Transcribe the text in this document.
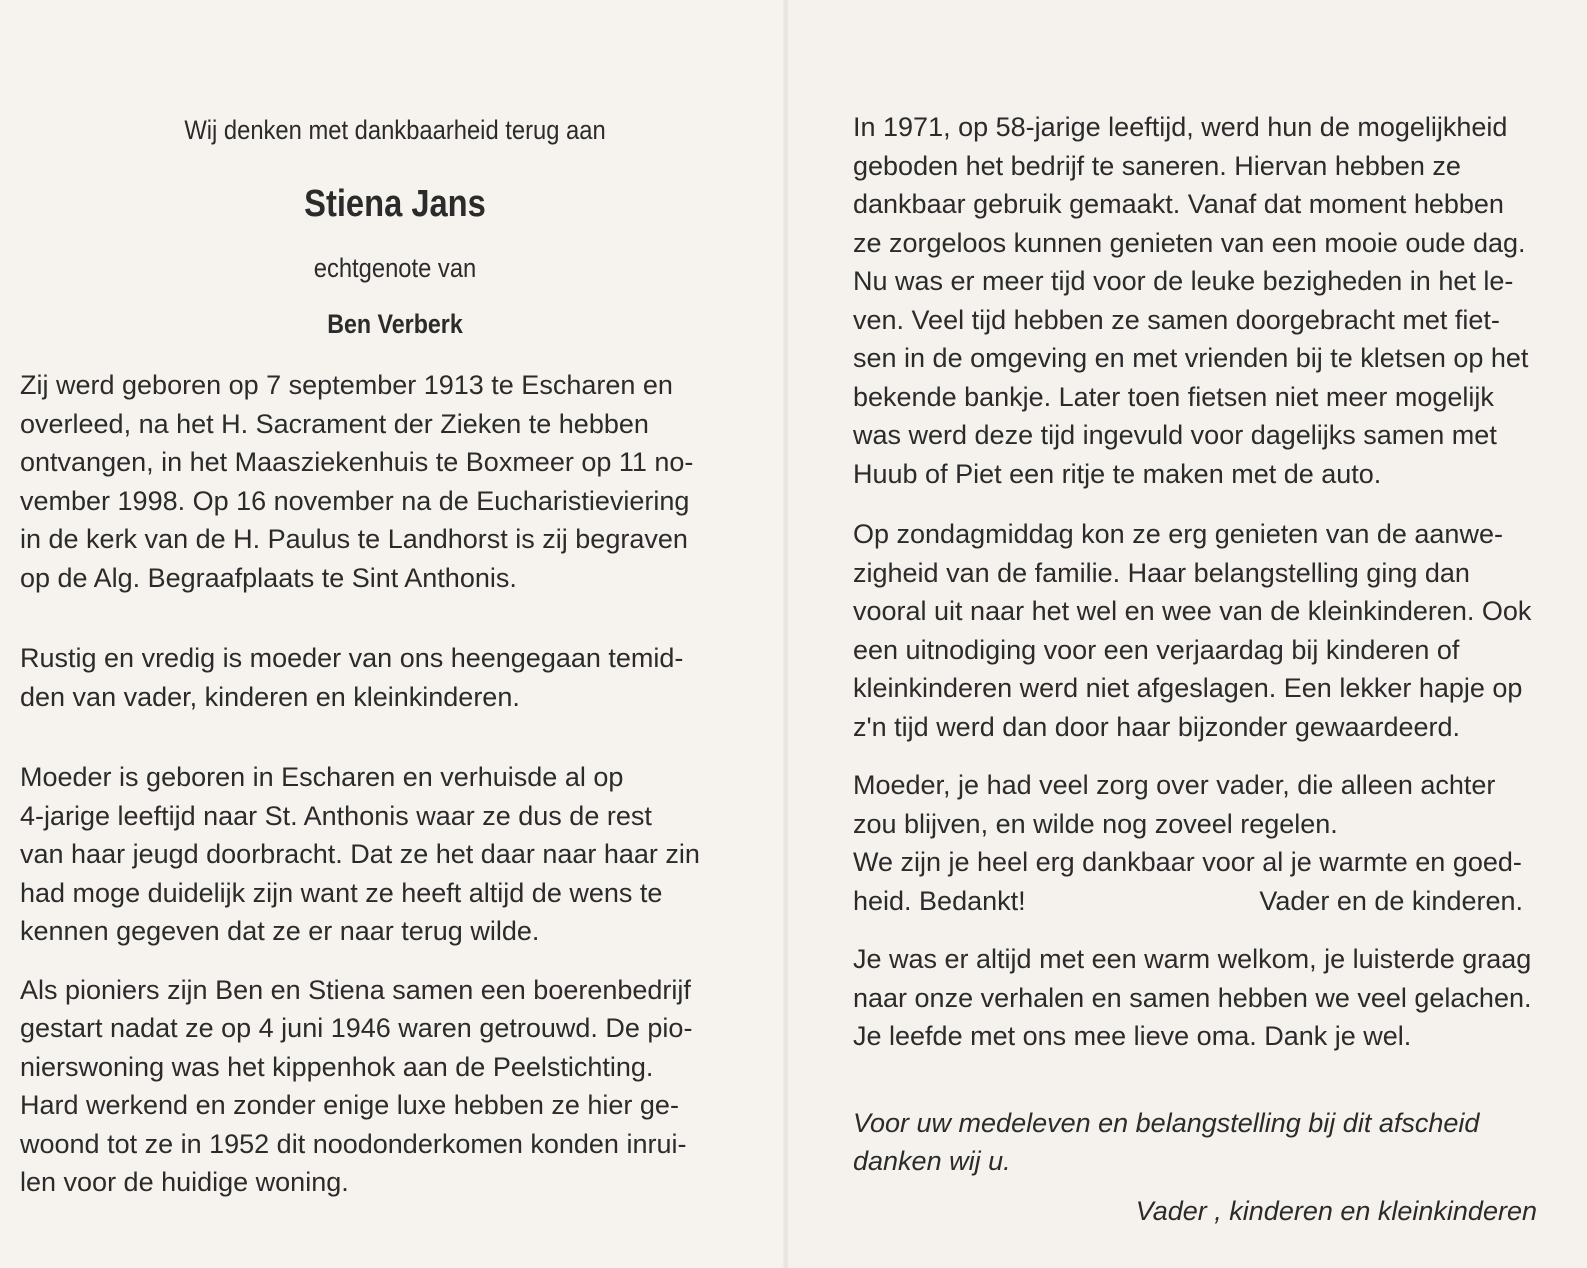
Wij denken met dankbaarheid terug aan
Stiena Jans
echtgenote van
Ben Verberk
Zij werd geboren op 7 september 1913 te Escharen en
overleed, na het H. Sacrament der Zieken te hebben
ontvangen, in het Maasziekenhuis te Boxmeer op 11 no-
vember 1998. Op 16 november na de Eucharistieviering
in de kerk van de H. Paulus te Landhorst is zij begraven
op de Alg. Begraafplaats te Sint Anthonis.
Rustig en vredig is moeder van ons heengegaan temid-
den van vader, kinderen en kleinkinderen.
Moeder is geboren in Escharen en verhuisde al op
4-jarige leeftijd naar St. Anthonis waar ze dus de rest
van haar jeugd doorbracht. Dat ze het daar naar haar zin
had moge duidelijk zijn want ze heeft altijd de wens te
kennen gegeven dat ze er naar terug wilde.
Als pioniers zijn Ben en Stiena samen een boerenbedrijf
gestart nadat ze op 4 juni 1946 waren getrouwd. De pio-
nierswoning was het kippenhok aan de Peelstichting.
Hard werkend en zonder enige luxe hebben ze hier ge-
woond tot ze in 1952 dit noodonderkomen konden inrui-
len voor de huidige woning.
In 1971, op 58-jarige leeftijd, werd hun de mogelijkheid
geboden het bedrijf te saneren. Hiervan hebben ze
dankbaar gebruik gemaakt. Vanaf dat moment hebben
ze zorgeloos kunnen genieten van een mooie oude dag.
Nu was er meer tijd voor de leuke bezigheden in het le-
ven. Veel tijd hebben ze samen doorgebracht met fiet-
sen in de omgeving en met vrienden bij te kletsen op het
bekende bankje. Later toen fietsen niet meer mogelijk
was werd deze tijd ingevuld voor dagelijks samen met
Huub of Piet een ritje te maken met de auto.
Op zondagmiddag kon ze erg genieten van de aanwe-
zigheid van de familie. Haar belangstelling ging dan
vooral uit naar het wel en wee van de kleinkinderen. Ook
een uitnodiging voor een verjaardag bij kinderen of
kleinkinderen werd niet afgeslagen. Een lekker hapje op
z'n tijd werd dan door haar bijzonder gewaardeerd.
Moeder, je had veel zorg over vader, die alleen achter
zou blijven, en wilde nog zoveel regelen.
We zijn je heel erg dankbaar voor al je warmte en goed-
heid. Bedankt!	Vader en de kinderen.
Je was er altijd met een warm welkom, je luisterde graag
naar onze verhalen en samen hebben we veel gelachen.
Je leefde met ons mee lieve oma. Dank je wel.
Voor uw medeleven en belangstelling bij dit afscheid
danken wij u.
Vader , kinderen en kleinkinderen
